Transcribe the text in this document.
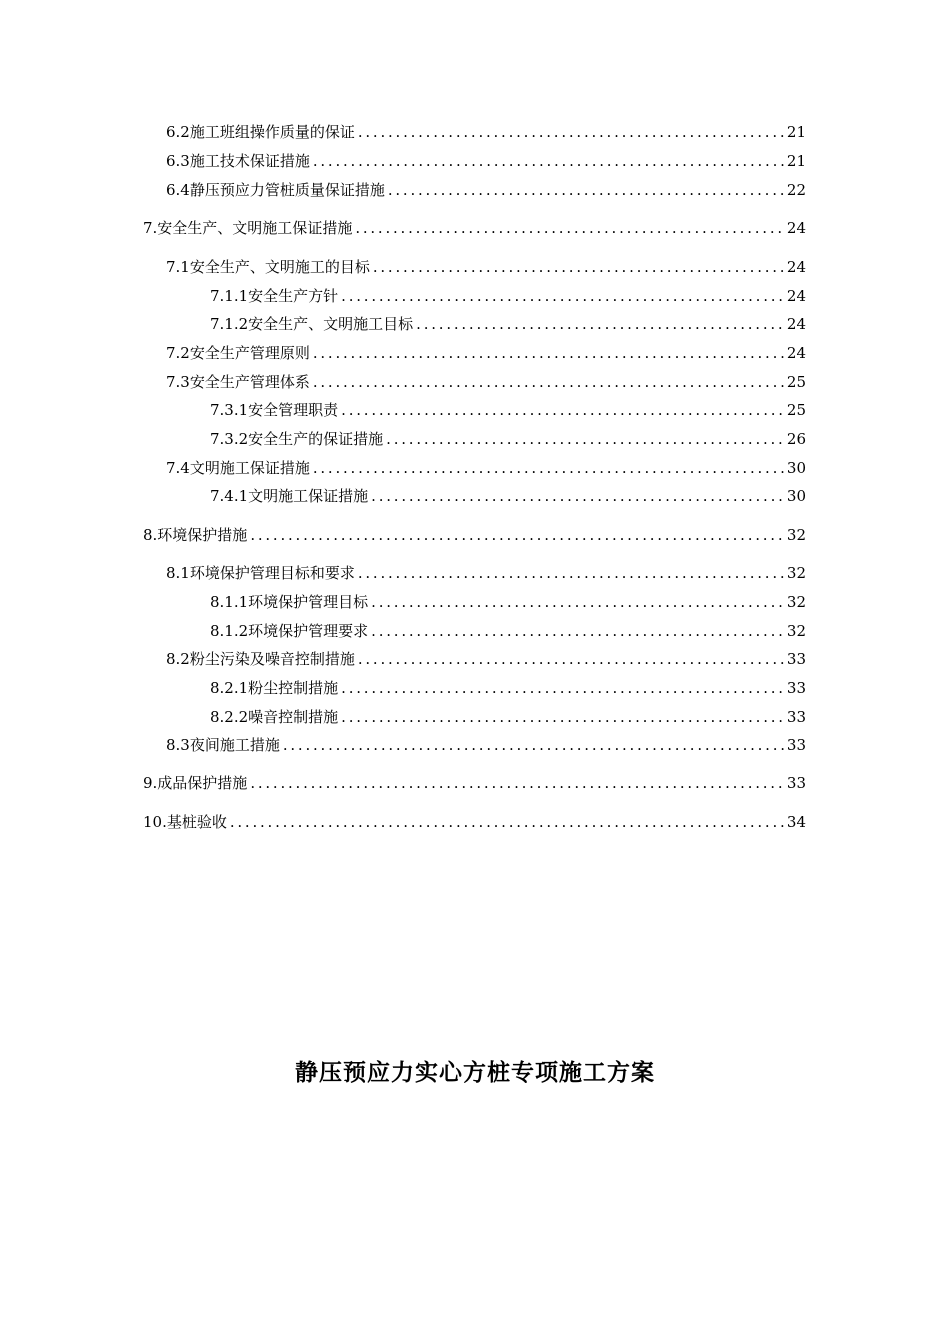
6.2施工班组操作质量的保证 . . .	21
6.3施工技术保证措施 . . .	21
6.4静压预应力管桩质量保证措施 . . .	22
7.安全生产、文明施工保证措施 . . .	24
7.1安全生产、文明施工的目标 . . .	24
7.1.1安全生产方针 . . .	24
7.1.2安全生产、文明施工目标 . . .	24
7.2安全生产管理原则 . . .	24
7.3安全生产管理体系 . . .	25
7.3.1安全管理职责 . . .	25
7.3.2安全生产的保证措施 . . .	26
7.4文明施工保证措施 . . .	30
7.4.1文明施工保证措施 . . .	30
8.环境保护措施 . . .	32
8.1环境保护管理目标和要求 . . .	32
8.1.1环境保护管理目标 . . .	32
8.1.2环境保护管理要求 . . .	32
8.2粉尘污染及噪音控制措施 . . .	33
8.2.1粉尘控制措施 . . .	33
8.2.2噪音控制措施 . . .	33
8.3夜间施工措施 . . .	33
9.成品保护措施 . . .	33
10.基桩验收 . . .	34
静压预应力实心方桩专项施工方案
